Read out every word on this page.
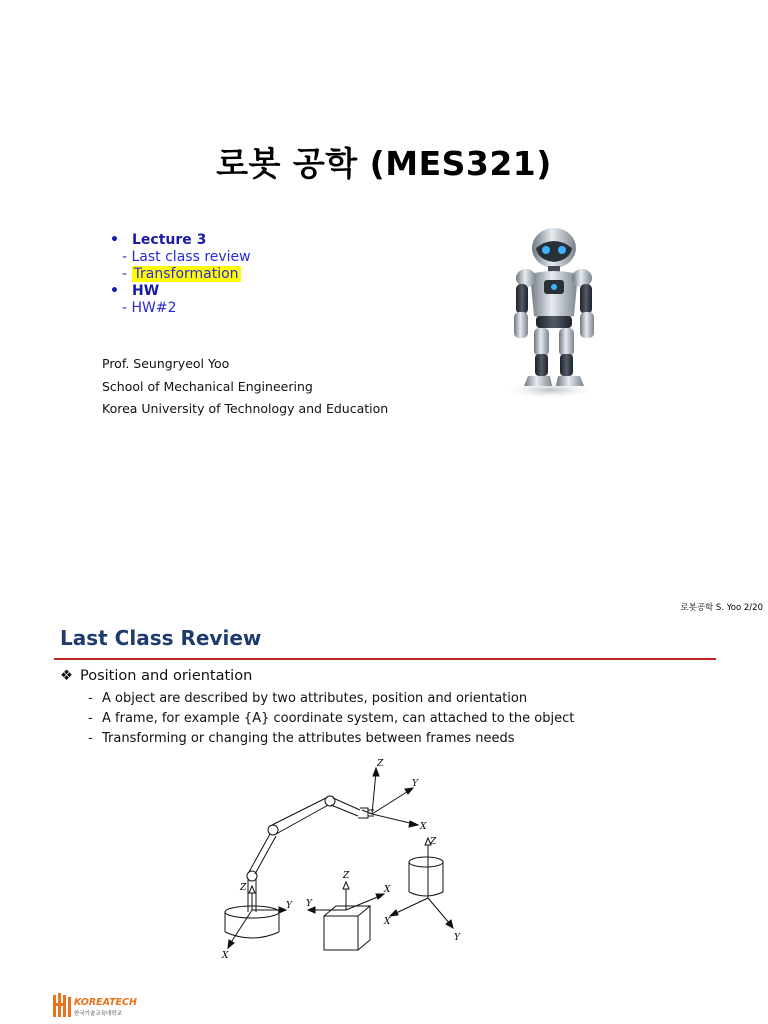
로봇 공학 (MES321)
• Lecture 3
- Last class review
- Transformation
• HW
- HW#2
Prof. Seungryeol Yoo
School of Mechanical Engineering
Korea University of Technology and Education
로봇공학 S. Yoo 2/20
Last Class Review
❖ Position and orientation
- A object are described by two attributes, position and orientation
- A frame, for example {A} coordinate system, can attached to the object
- Transforming or changing the attributes between frames needs
Z
Y
X
Z
Y
X
Z
Y
X
Z
X
Y
KOREATECH
한국기술교육대학교
